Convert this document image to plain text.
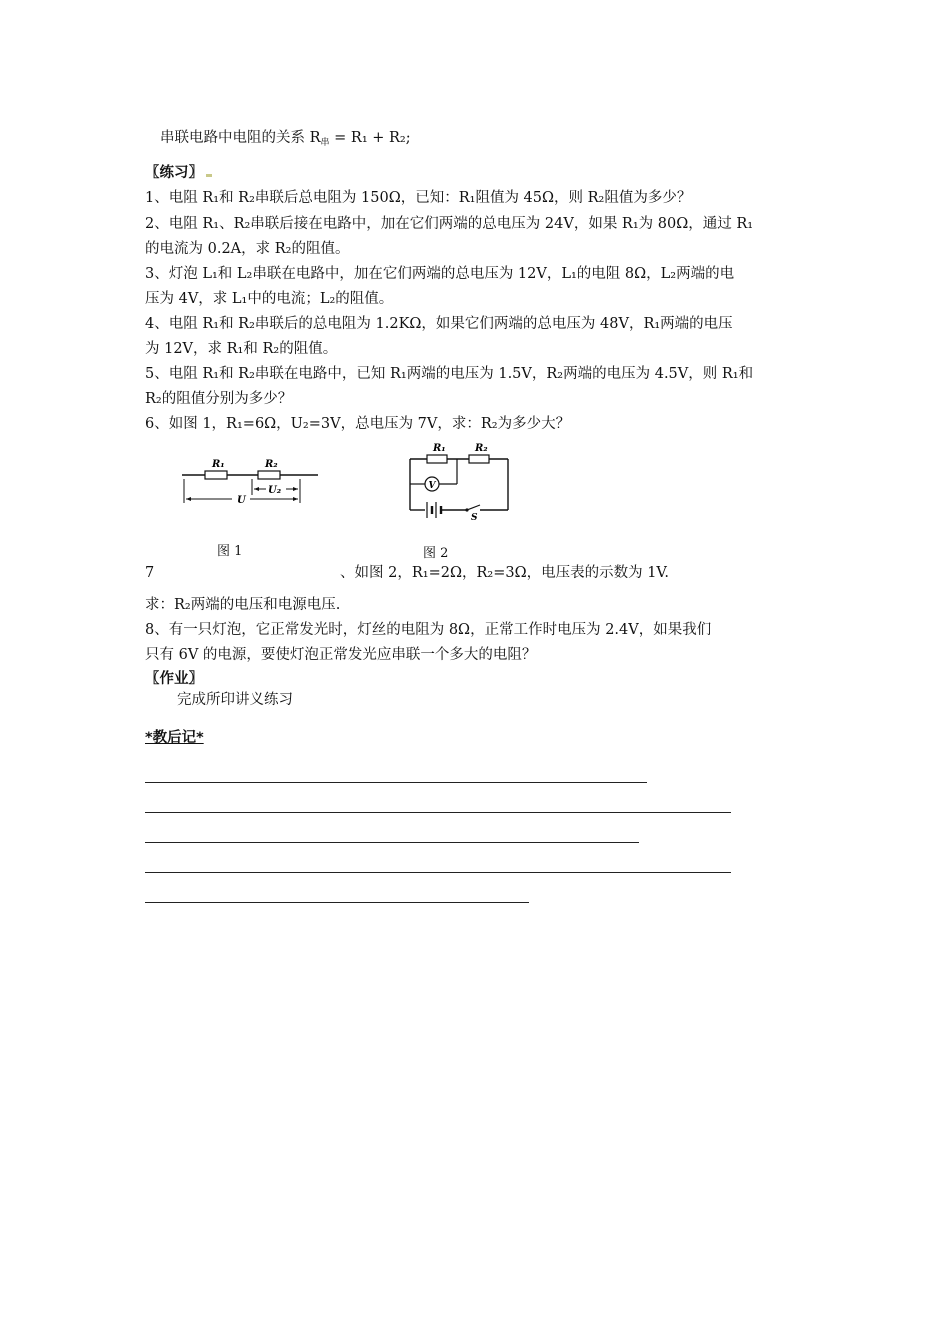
串联电路中电阻的关系 $R_串 = R_1 + R_2$;
〖练习〗
1、电阻 R₁和 R₂串联后总电阻为 150Ω，已知：R₁阻值为 45Ω，则 R₂阻值为多少？
2、电阻 R₁、R₂串联后接在电路中，加在它们两端的总电压为 24V，如果 R₁为 80Ω，通过 R₁
的电流为 0.2A，求 R₂的阻值。
3、灯泡 L₁和 L₂串联在电路中，加在它们两端的总电压为 12V，L₁的电阻 8Ω，L₂两端的电
压为 4V，求 L₁中的电流；L₂的阻值。
4、电阻 R₁和 R₂串联后的总电阻为 1.2KΩ，如果它们两端的总电压为 48V，R₁两端的电压
为 12V，求 R₁和 R₂的阻值。
5、电阻 R₁和 R₂串联在电路中，已知 R₁两端的电压为 1.5V，R₂两端的电压为 4.5V，则 R₁和
R₂的阻值分别为多少？
6、如图 1，R₁=6Ω，U₂=3V，总电压为 7V，求：R₂为多少大？
R₁	R₂
U₂
U
图 1
R₁	R₂
V
S
图 2
7	、如图 2，R₁=2Ω，R₂=3Ω，电压表的示数为 1V.
求：R₂两端的电压和电源电压.
8、有一只灯泡，它正常发光时，灯丝的电阻为 8Ω，正常工作时电压为 2.4V，如果我们
只有 6V 的电源，要使灯泡正常发光应串联一个多大的电阻？
〖作业〗
完成所印讲义练习
*教后记*
